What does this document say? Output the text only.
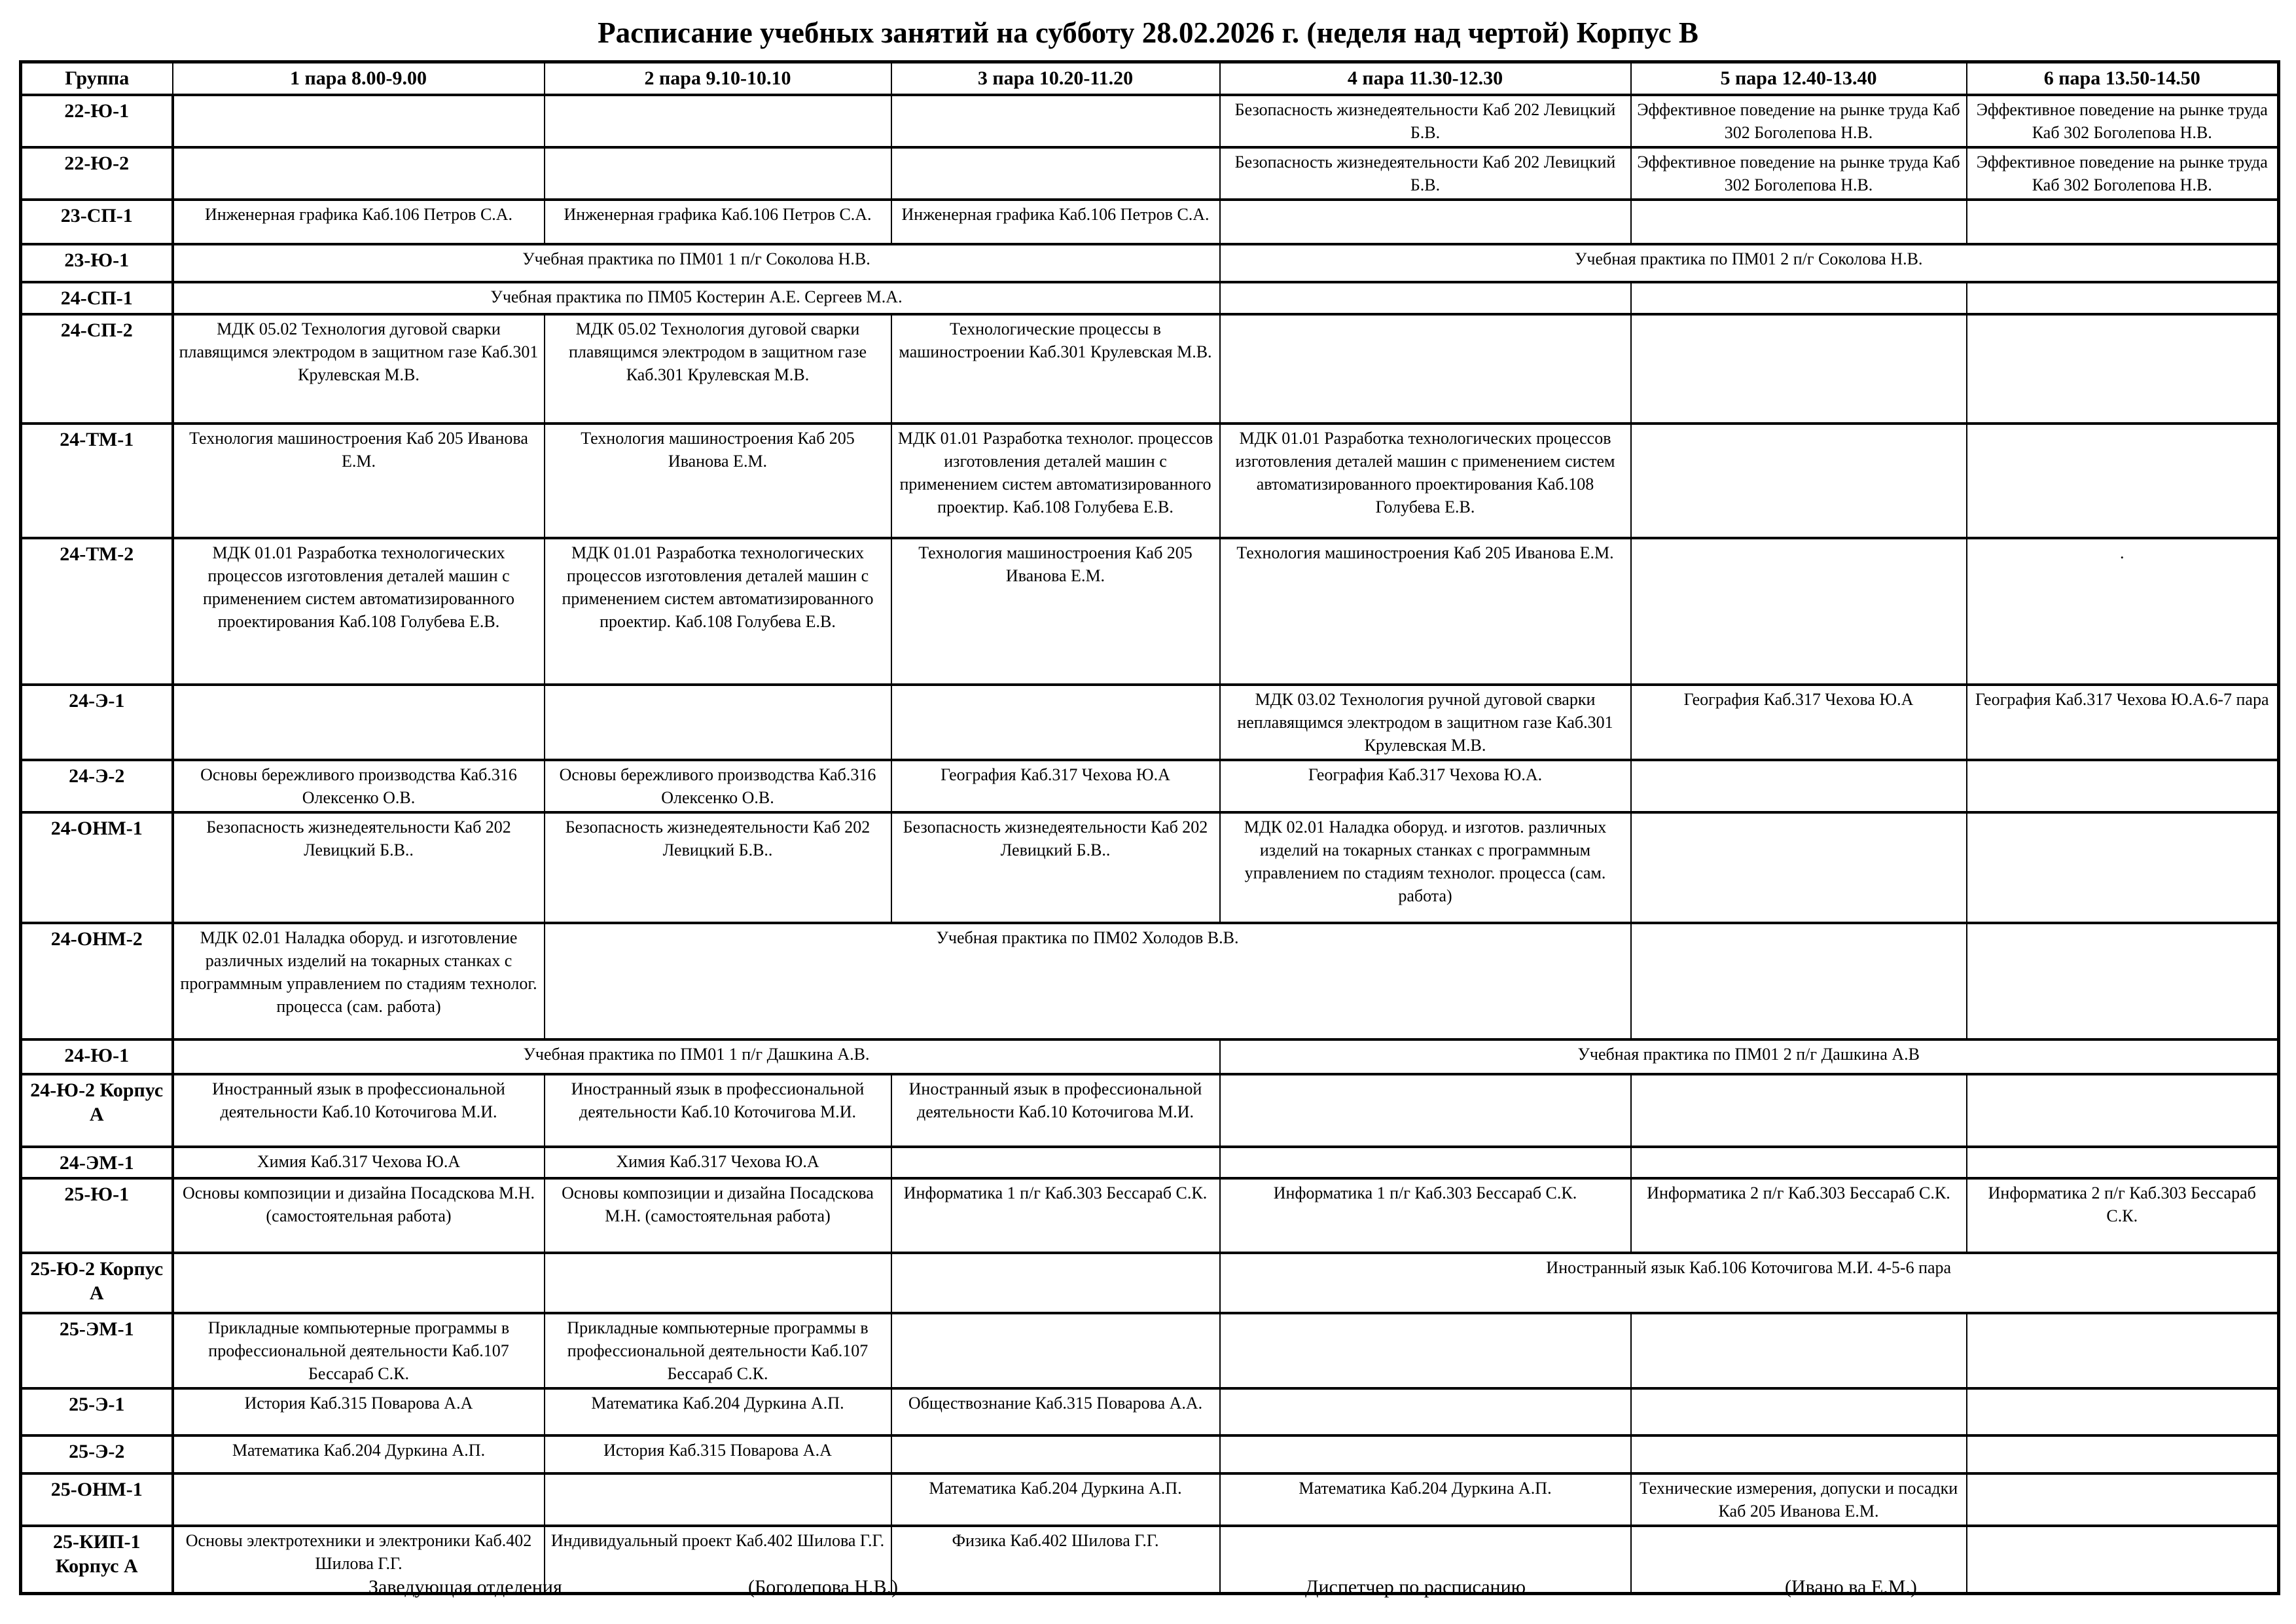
Расписание учебных занятий на субботу 28.02.2026 г. (неделя над чертой) Корпус В
Группа	1 пара 8.00-9.00	2 пара 9.10-10.10	3 пара 10.20-11.20	4 пара 11.30-12.30	5 пара 12.40-13.40	6 пара 13.50-14.50
22-Ю-1				Безопасность жизнедеятельности Каб 202 Левицкий Б.В.	Эффективное поведение на рынке труда Каб 302 Боголепова Н.В.	Эффективное поведение на рынке труда Каб 302 Боголепова Н.В.
22-Ю-2				Безопасность жизнедеятельности Каб 202 Левицкий Б.В.	Эффективное поведение на рынке труда Каб 302 Боголепова Н.В.	Эффективное поведение на рынке труда Каб 302 Боголепова Н.В.
23-СП-1	Инженерная графика Каб.106 Петров С.А.	Инженерная графика Каб.106 Петров С.А.	Инженерная графика Каб.106 Петров С.А.			
23-Ю-1	Учебная практика по ПМ01 1 п/г Соколова Н.В.			Учебная практика по ПМ01 2 п/г Соколова Н.В.		
24-СП-1	Учебная практика по ПМ05 Костерин А.Е. Сергеев М.А.					
24-СП-2	МДК 05.02 Технология дуговой сварки плавящимся электродом в защитном газе Каб.301 Крулевская М.В.	МДК 05.02 Технология дуговой сварки плавящимся электродом в защитном газе Каб.301 Крулевская М.В.	Технологические процессы в машиностроении Каб.301 Крулевская М.В.			
24-ТМ-1	Технология машиностроения Каб 205 Иванова Е.М.	Технология машиностроения Каб 205 Иванова Е.М.	МДК 01.01 Разработка технолог. процессов изготовления деталей машин с применением систем автоматизированного проектир. Каб.108 Голубева Е.В.	МДК 01.01 Разработка технологических процессов изготовления деталей машин с применением систем автоматизированного проектирования Каб.108 Голубева Е.В.		
24-ТМ-2	МДК 01.01 Разработка технологических процессов изготовления деталей машин с применением систем автоматизированного проектирования Каб.108 Голубева Е.В.	МДК 01.01 Разработка технологических процессов изготовления деталей машин с применением систем автоматизированного проектир. Каб.108 Голубева Е.В.	Технология машиностроения Каб 205 Иванова Е.М.	Технология машиностроения Каб 205 Иванова Е.М.		.
24-Э-1				МДК 03.02 Технология ручной дуговой сварки неплавящимся электродом в защитном газе Каб.301 Крулевская М.В.	География Каб.317 Чехова Ю.А	География Каб.317 Чехова Ю.А.6-7 пара
24-Э-2	Основы бережливого производства Каб.316 Олексенко О.В.	Основы бережливого производства Каб.316 Олексенко О.В.	География Каб.317 Чехова Ю.А	География Каб.317 Чехова Ю.А.		
24-ОНМ-1	Безопасность жизнедеятельности Каб 202 Левицкий Б.В..	Безопасность жизнедеятельности Каб 202 Левицкий Б.В..	Безопасность жизнедеятельности Каб 202 Левицкий Б.В..	МДК 02.01 Наладка оборуд. и изготов. различных изделий на токарных станках с программным управлением по стадиям технолог. процесса (сам. работа)		
24-ОНМ-2	МДК 02.01 Наладка оборуд. и изготовление различных изделий на токарных станках с программным управлением по стадиям технолог. процесса (сам. работа)	Учебная практика по ПМ02 Холодов В.В.				
24-Ю-1	Учебная практика по ПМ01 1 п/г Дашкина А.В.			Учебная практика по ПМ01 2 п/г Дашкина А.В		
24-Ю-2 Корпус А	Иностранный язык в профессиональной деятельности Каб.10 Коточигова М.И.	Иностранный язык в профессиональной деятельности Каб.10 Коточигова М.И.	Иностранный язык в профессиональной деятельности Каб.10 Коточигова М.И.			
24-ЭМ-1	Химия Каб.317 Чехова Ю.А	Химия Каб.317 Чехова Ю.А				
25-Ю-1	Основы композиции и дизайна Посадскова М.Н. (самостоятельная работа)	Основы композиции и дизайна Посадскова М.Н. (самостоятельная работа)	Информатика 1 п/г Каб.303 Бессараб С.К.	Информатика 1 п/г Каб.303 Бессараб С.К.	Информатика 2 п/г Каб.303 Бессараб С.К.	Информатика 2 п/г Каб.303 Бессараб С.К.
25-Ю-2 Корпус А				Иностранный язык Каб.106 Коточигова М.И. 4-5-6 пара		
25-ЭМ-1	Прикладные компьютерные программы в профессиональной деятельности Каб.107 Бессараб С.К.	Прикладные компьютерные программы в профессиональной деятельности Каб.107 Бессараб С.К.				
25-Э-1	История Каб.315 Поварова А.А	Математика Каб.204 Дуркина А.П.	Обществознание Каб.315 Поварова А.А.			
25-Э-2	Математика Каб.204 Дуркина А.П.	История Каб.315 Поварова А.А				
25-ОНМ-1			Математика Каб.204 Дуркина А.П.	Математика Каб.204 Дуркина А.П.	Технические измерения, допуски и посадки Каб 205 Иванова Е.М.	
25-КИП-1 Корпус А	Основы электротехники и электроники Каб.402 Шилова Г.Г.	Индивидуальный проект Каб.402 Шилова Г.Г.	Физика Каб.402 Шилова Г.Г.			
Заведующая отделения	(Боголепова Н.В.)	Диспетчер по расписанию	(Ивано ва Е.М.)
